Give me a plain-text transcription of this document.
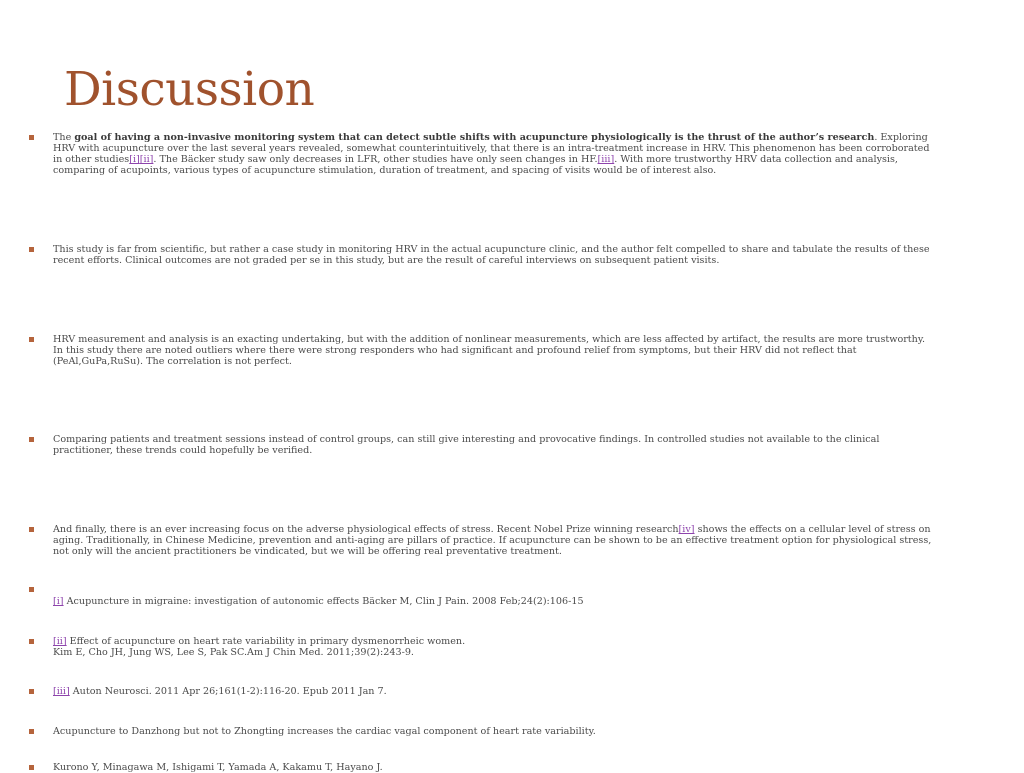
Discussion

The goal of having a non-invasive monitoring system that can detect subtle shifts with acupuncture physiologically is the thrust of the author’s research. Exploring HRV with acupuncture over the last several years revealed, somewhat counterintuitively, that there is an intra-treatment increase in HRV. This phenomenon has been corroborated in other studies[i][ii]. The Bäcker study saw only decreases in LFR, other studies have only seen changes in HF.[iii]. With more trustworthy HRV data collection and analysis, comparing of acupoints, various types of acupuncture stimulation, duration of treatment, and spacing of visits would be of interest also.

This study is far from scientific, but rather a case study in monitoring HRV in the actual acupuncture clinic, and the author felt compelled to share and tabulate the results of these recent efforts. Clinical outcomes are not graded per se in this study, but are the result of careful interviews on subsequent patient visits.

HRV measurement and analysis is an exacting undertaking, but with the addition of nonlinear measurements, which are less affected by artifact, the results are more trustworthy. In this study there are noted outliers where there were strong responders who had significant and profound relief from symptoms, but their HRV did not reflect that (PeAl,GuPa,RuSu). The correlation is not perfect.

Comparing patients and treatment sessions instead of control groups, can still give interesting and provocative findings. In controlled studies not available to the clinical practitioner, these trends could hopefully be verified.

And finally, there is an ever increasing focus on the adverse physiological effects of stress. Recent Nobel Prize winning research[iv] shows the effects on a cellular level of stress on aging. Traditionally, in Chinese Medicine, prevention and anti-aging are pillars of practice. If acupuncture can be shown to be an effective treatment option for physiological stress, not only will the ancient practitioners be vindicated, but we will be offering real preventative treatment.

[i] Acupuncture in migraine: investigation of autonomic effects Bäcker M, Clin J Pain. 2008 Feb;24(2):106-15

[ii] Effect of acupuncture on heart rate variability in primary dysmenorrheic women.
Kim E, Cho JH, Jung WS, Lee S, Pak SC.Am J Chin Med. 2011;39(2):243-9.

[iii] Auton Neurosci. 2011 Apr 26;161(1-2):116-20. Epub 2011 Jan 7.

Acupuncture to Danzhong but not to Zhongting increases the cardiac vagal component of heart rate variability.

Kurono Y, Minagawa M, Ishigami T, Yamada A, Kakamu T, Hayano J.
